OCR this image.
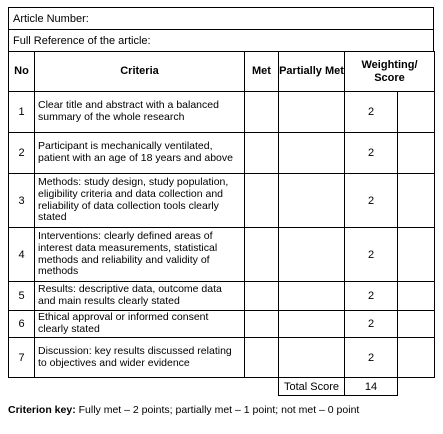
Article Number:
Full Reference of the article:
No	Criteria	Met	Partially Met	Weighting/ Score	
1	Clear title and abstract with a balanced summary of the whole research			2	
2	Participant is mechanically ventilated, patient with an age of 18 years and above			2	
3	Methods: study design, study population, eligibility criteria and data collection and reliability of data collection tools clearly stated			2	
4	Interventions: clearly defined areas of interest data measurements, statistical methods and reliability and validity of methods			2	
5	Results: descriptive data, outcome data and main results clearly stated			2	
6	Ethical approval or informed consent clearly stated			2	
7	Discussion: key results discussed relating to objectives and wider evidence			2	
			Total Score	14	
Criterion key: Fully met – 2 points; partially met – 1 point; not met – 0 point
